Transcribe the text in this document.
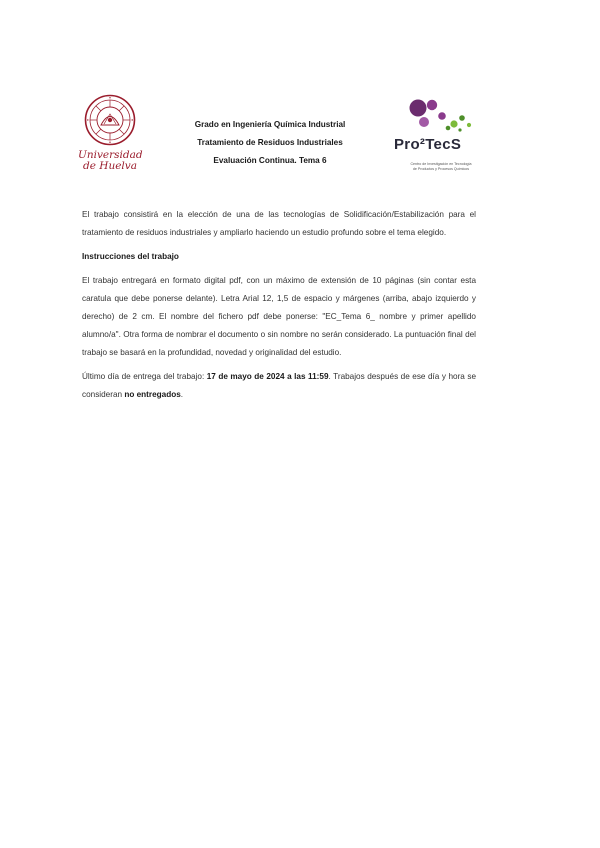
Universidad
de Huelva
Grado en Ingeniería Química Industrial
Tratamiento de Residuos Industriales
Evaluación Continua. Tema 6
Pro²TecS
Centro de Investigación en Tecnología
de Productos y Procesos Químicos

El trabajo consistirá en la elección de una de las tecnologías de Solidificación/Estabilización para el tratamiento de residuos industriales y ampliarlo haciendo un estudio profundo sobre el tema elegido.

Instrucciones del trabajo

El trabajo entregará en formato digital pdf, con un máximo de extensión de 10 páginas (sin contar esta caratula que debe ponerse delante). Letra Arial 12, 1,5 de espacio y márgenes (arriba, abajo izquierdo y derecho) de 2 cm. El nombre del fichero pdf debe ponerse: "EC_Tema 6_ nombre y primer apellido alumno/a". Otra forma de nombrar el documento o sin nombre no serán considerado. La puntuación final del trabajo se basará en la profundidad, novedad y originalidad del estudio.

Último día de entrega del trabajo: 17 de mayo de 2024 a las 11:59. Trabajos después de ese día y hora se consideran no entregados.
